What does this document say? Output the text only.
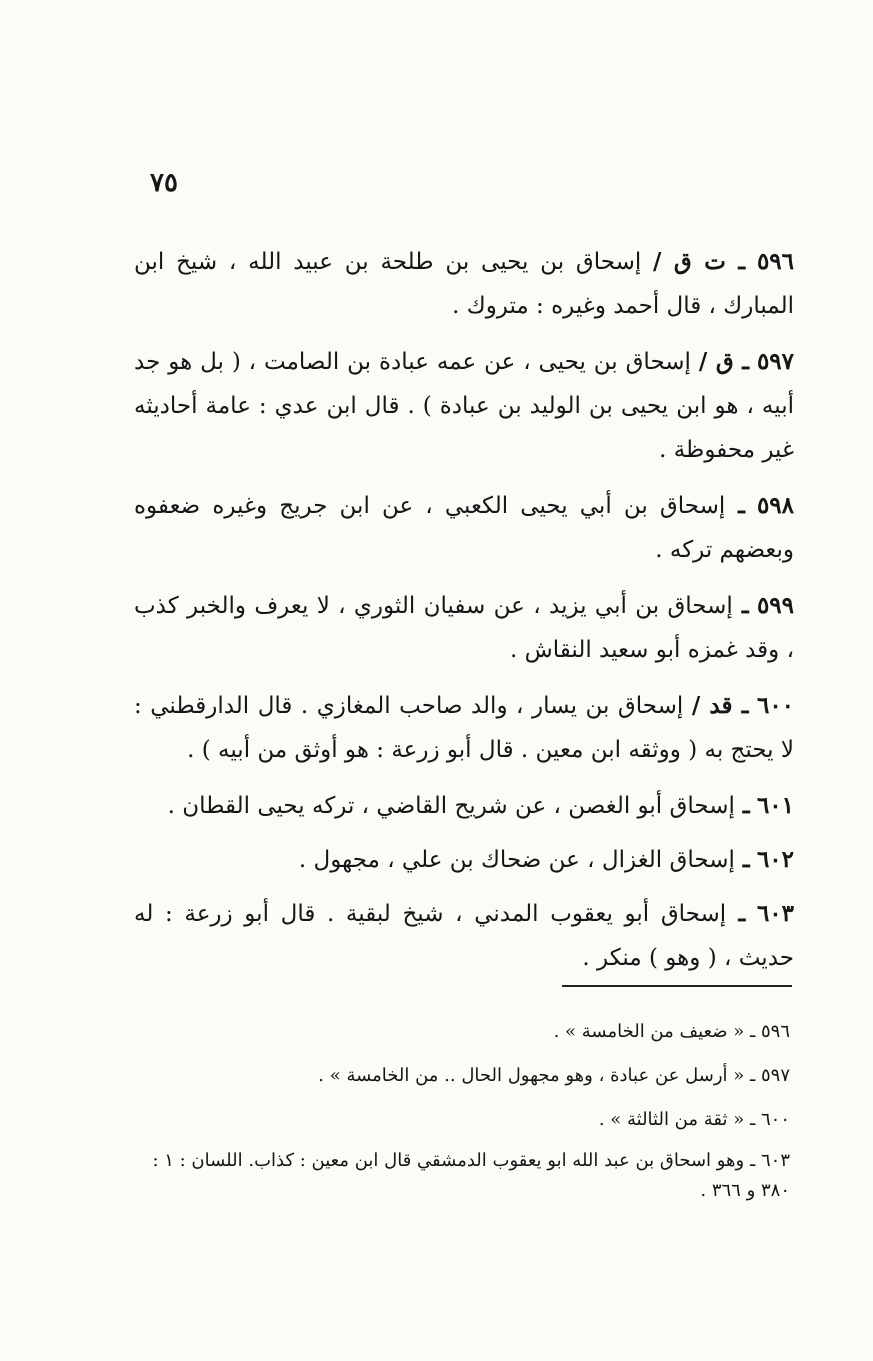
٧٥

٥٩٦ ـ ت ق / إسحاق بن يحيى بن طلحة بن عبيد الله ، شيخ ابن المبارك ، قال أحمد وغيره : متروك .

٥٩٧ ـ ق / إسحاق بن يحيى ، عن عمه عبادة بن الصامت ، ( بل هو جد أبيه ، هو ابن يحيى بن الوليد بن عبادة ) . قال ابن عدي : عامة أحاديثه غير محفوظة .

٥٩٨ ـ إسحاق بن أبي يحيى الكعبي ، عن ابن جريج وغيره ضعفوه وبعضهم تركه .

٥٩٩ ـ إسحاق بن أبي يزيد ، عن سفيان الثوري ، لا يعرف والخبر كذب ، وقد غمزه أبو سعيد النقاش .

٦٠٠ ـ قد / إسحاق بن يسار ، والد صاحب المغازي . قال الدارقطني : لا يحتج به ( ووثقه ابن معين . قال أبو زرعة : هو أوثق من أبيه ) .

٦٠١ ـ إسحاق أبو الغصن ، عن شريح القاضي ، تركه يحيى القطان .

٦٠٢ ـ إسحاق الغزال ، عن ضحاك بن علي ، مجهول .

٦٠٣ ـ إسحاق أبو يعقوب المدني ، شيخ لبقية . قال أبو زرعة : له حديث ، ( وهو ) منكر .

٥٩٦ ـ « ضعيف من الخامسة » .

٥٩٧ ـ « أرسل عن عبادة ، وهو مجهول الحال .. من الخامسة » .

٦٠٠ ـ « ثقة من الثالثة » .

٦٠٣ ـ وهو اسحاق بن عبد الله ابو يعقوب الدمشقي قال ابن معين : كذاب. اللسان : ١ : ٣٨٠ و ٣٦٦ .
